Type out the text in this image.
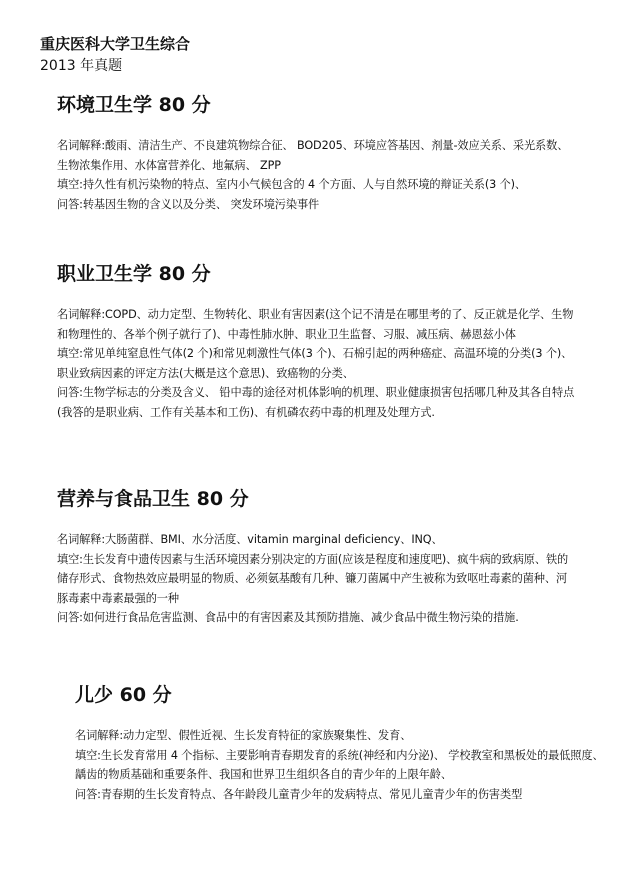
重庆医科大学卫生综合
2013 年真题
环境卫生学 80 分

名词解释:酸雨、清洁生产、不良建筑物综合征、 BOD205、环境应答基因、剂量-效应关系、采光系数、生物浓集作用、水体富营养化、地氟病、 ZPP

填空:持久性有机污染物的特点、室内小气候包含的 4 个方面、人与自然环境的辩证关系(3 个)、

问答:转基因生物的含义以及分类、 突发环境污染事件

职业卫生学 80 分

名词解释:COPD、动力定型、生物转化、职业有害因素(这个记不清是在哪里考的了、反正就是化学、生物和物理性的、各举个例子就行了)、中毒性肺水肿、职业卫生监督、习服、减压病、赫恩兹小体

填空:常见单纯窒息性气体(2 个)和常见刺激性气体(3 个)、石棉引起的两种癌症、高温环境的分类(3 个)、职业致病因素的评定方法(大概是这个意思)、致癌物的分类、

问答:生物学标志的分类及含义、 铅中毒的途径对机体影响的机理、职业健康损害包括哪几种及其各自特点(我答的是职业病、工作有关基本和工伤)、有机磷农药中毒的机理及处理方式.

营养与食品卫生 80 分

名词解释:大肠菌群、BMI、水分活度、vitamin marginal deficiency、INQ、

填空:生长发育中遗传因素与生活环境因素分别决定的方面(应该是程度和速度吧)、疯牛病的致病原、铁的储存形式、食物热效应最明显的物质、必须氨基酸有几种、镰刀菌属中产生被称为致呕吐毒素的菌种、河豚毒素中毒素最强的一种

问答:如何进行食品危害监测、食品中的有害因素及其预防措施、减少食品中微生物污染的措施.

儿少 60 分

名词解释:动力定型、假性近视、生长发育特征的家族聚集性、发育、

填空:生长发育常用 4 个指标、主要影响青春期发育的系统(神经和内分泌)、 学校教室和黑板处的最低照度、龋齿的物质基础和重要条件、我国和世界卫生组织各自的青少年的上限年龄、

问答:青春期的生长发育特点、各年龄段儿童青少年的发病特点、常见儿童青少年的伤害类型
